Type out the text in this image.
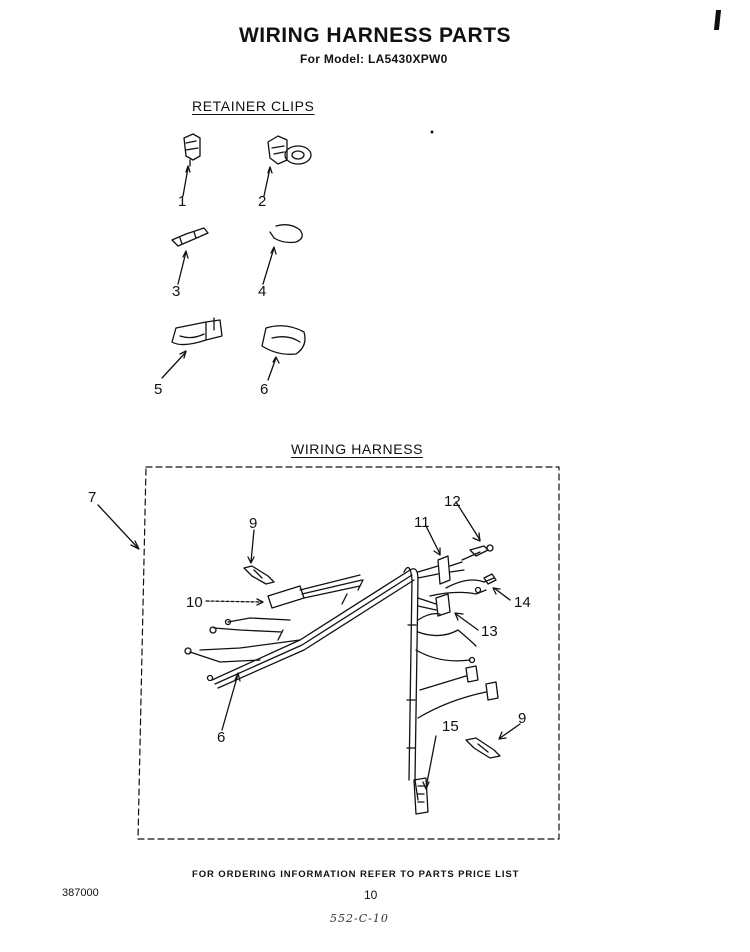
WIRING HARNESS PARTS
For Model: LA5430XPW0
RETAINER CLIPS
WIRING HARNESS
1	2
3	4
5	6
7
9
10
6
11
12
14
13
15	9
FOR ORDERING INFORMATION REFER TO PARTS PRICE LIST
387000	10
552-C-10
